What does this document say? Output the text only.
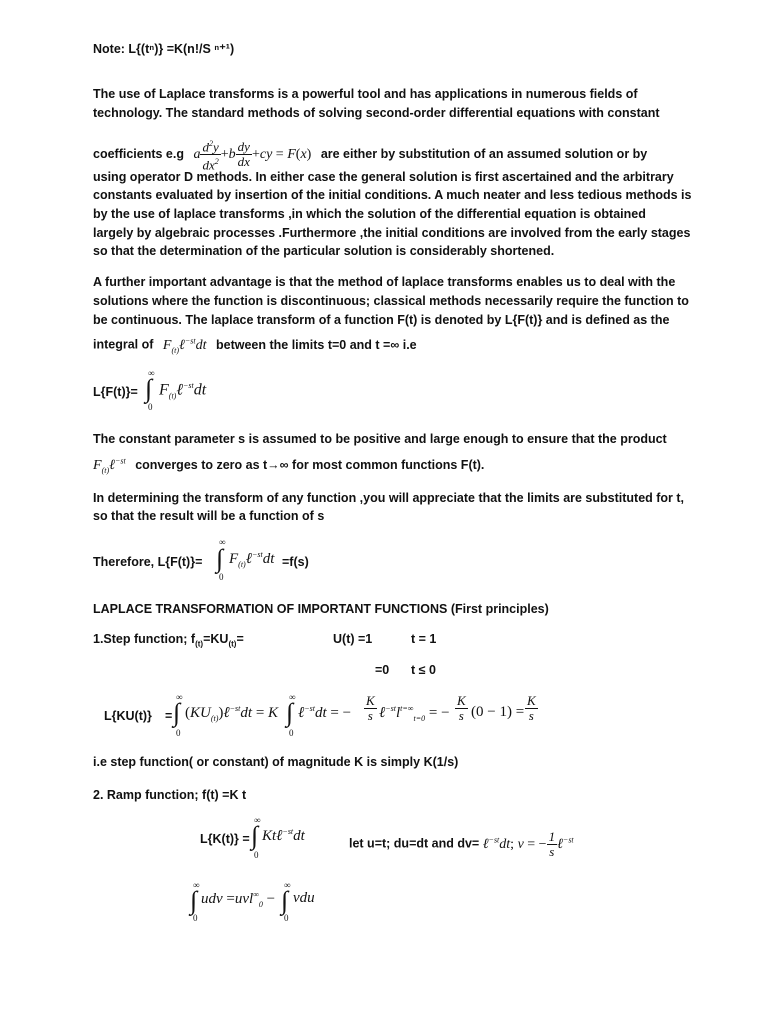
Note: L{(tⁿ)} =K(n!/S ⁿ⁺¹)
The use of Laplace transforms is a powerful tool and has applications in numerous fields of
technology. The standard methods of solving second-order differential equations with constant
coefficients e.g a $\frac{d^2y}{dx^2} +b \frac{dy}{dx} +cy = F(x)$ are either by substitution of an assumed solution or by
using operator D methods. In either case the general solution is first ascertained and the arbitrary
constants evaluated by insertion of the initial conditions. A much neater and less tedious methods is
by the use of laplace transforms ,in which the solution of the differential equation is obtained
largely by algebraic processes .Furthermore ,the initial conditions are involved from the early stages
so that the determination of the particular solution is considerably shortened.
A further important advantage is that the method of laplace transforms enables us to deal with the
solutions where the function is discontinuous; classical methods necessarily require the function to
be continuous. The laplace transform of a function F(t) is denoted by L{F(t)} and is defined as the
integral of $F_{(t)}\ell^{-st}dt$ between the limits t=0 and t =∞ i.e
L{F(t)}=
∞
∫
0
$F_{(t)}\ell^{-st}dt$
The constant parameter s is assumed to be positive and large enough to ensure that the product
$F_{(t)}\ell^{-st}$ converges to zero as t→∞ for most common functions F(t).
In determining the transform of any function ,you will appreciate that the limits are substituted for t,
so that the result will be a function of s
Therefore, L{F(t)}=
∞
∫
0
$F_{(t)}\ell^{-st}dt =f(s)$
LAPLACE TRANSFORMATION OF IMPORTANT FUNCTIONS (First principles)
1.Step function; $f_{(t)}=KU_{(t)}=$	U(t) =1	t = 1
=0 t ≤ 0
L{KU(t)} =
∞
∫
0
$(KU_{(t)})\ell^{-st}dt = K$
∞
∫
0
ℓ$^{-st}$dt = − $\frac{K}{s}$ $\ell^{-st}l^{t=\infty}_{t=0}$ = − $\frac{K}{s} (0 - 1) = \frac{K}{s}$
i.e step function( or constant) of magnitude K is simply K(1/s)
2. Ramp function; f(t) =K t
L{K(t)} =
∞
∫
0
Ktℓ$^{-st}$dt	let u=t; du=dt and dv= ℓ$^{-st}$dt; v = − $\frac{1}{s}$ ℓ$^{-st}$
∞
∫
0
udv =uvl∞$_0$ −
∞
∫
0
vdu
